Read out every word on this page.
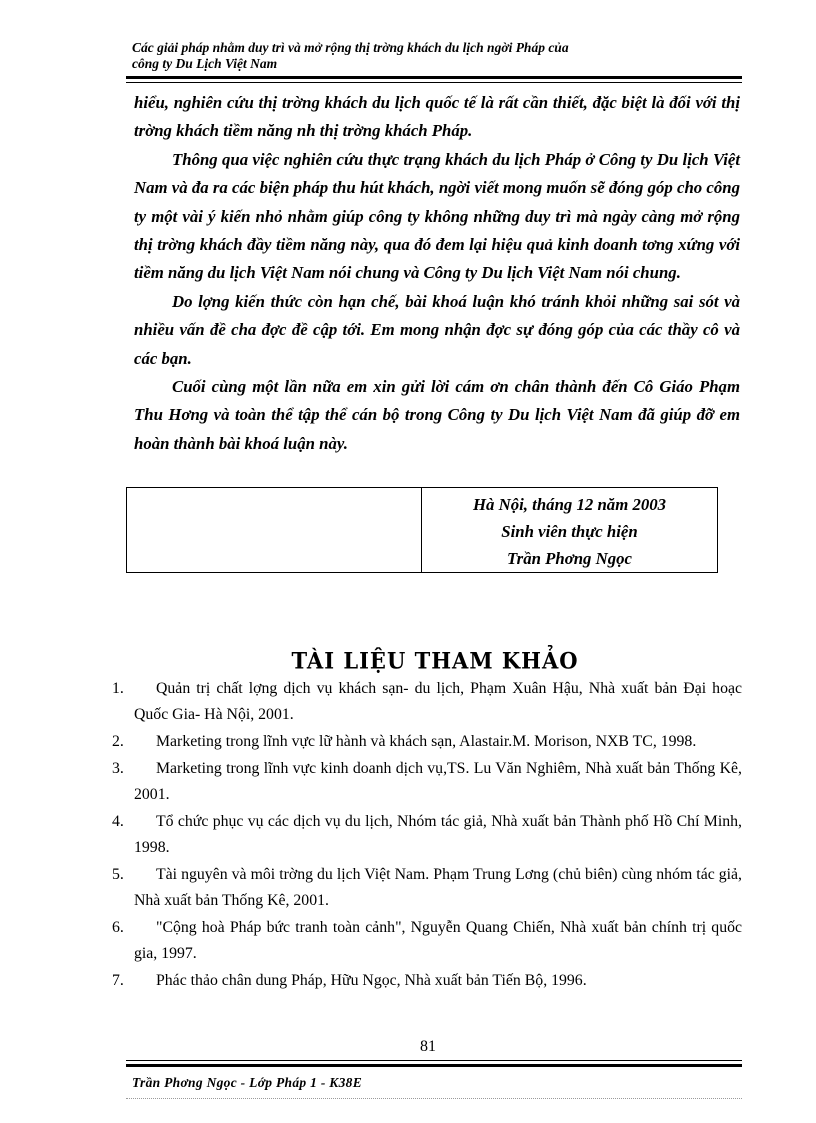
Các giải pháp nhằm duy trì và mở rộng thị trờng khách du lịch ngời Pháp của
công ty Du Lịch Việt Nam

hiểu, nghiên cứu thị trờng khách du lịch quốc tế là rất cần thiết, đặc biệt là đối với thị trờng khách tiềm năng nh thị trờng khách Pháp.

Thông qua việc nghiên cứu thực trạng khách du lịch Pháp ở Công ty Du lịch Việt Nam và đa ra các biện pháp thu hút khách, ngời viết mong muốn sẽ đóng góp cho công ty một vài ý kiến nhỏ nhằm giúp công ty không những duy trì mà ngày càng mở rộng thị trờng khách đầy tiềm năng này, qua đó đem lại hiệu quả kinh doanh tơng xứng với tiềm năng du lịch Việt Nam nói chung và Công ty Du lịch Việt Nam nói chung.

Do lợng kiến thức còn hạn chế, bài khoá luận khó tránh khỏi những sai sót và nhiều vấn đề cha đợc đề cập tới. Em mong nhận đợc sự đóng góp của các thầy cô và các bạn.

Cuối cùng một lần nữa em xin gửi lời cám ơn chân thành đến Cô Giáo Phạm Thu Hơng và toàn thể tập thể cán bộ trong Công ty Du lịch Việt Nam đã giúp đỡ em hoàn thành bài khoá luận này.

Hà Nội, tháng 12 năm 2003
Sinh viên thực hiện
Trần Phơng Ngọc
TÀI LIỆU THAM KHẢO
1.	Quản trị chất lợng dịch vụ khách sạn- du lịch, Phạm Xuân Hậu, Nhà xuất bản Đại hoạc Quốc Gia- Hà Nội, 2001.
2.	Marketing trong lĩnh vực lữ hành và khách sạn, Alastair.M. Morison, NXB TC, 1998.
3.	Marketing trong lĩnh vực kinh doanh dịch vụ,TS. Lu Văn Nghiêm, Nhà xuất bản Thống Kê, 2001.
4.	Tổ chức phục vụ các dịch vụ du lịch, Nhóm tác giả, Nhà xuất bản Thành phố Hồ Chí Minh, 1998.
5.	Tài nguyên và môi trờng du lịch Việt Nam. Phạm Trung Lơng (chủ biên) cùng nhóm tác giả, Nhà xuất bản Thống Kê, 2001.
6.	"Cộng hoà Pháp bức tranh toàn cảnh", Nguyễn Quang Chiến, Nhà xuất bản chính trị quốc gia, 1997.
7.	Phác thảo chân dung Pháp, Hữu Ngọc, Nhà xuất bản Tiến Bộ, 1996.
81
Trần Phơng Ngọc - Lớp Pháp 1 - K38E
